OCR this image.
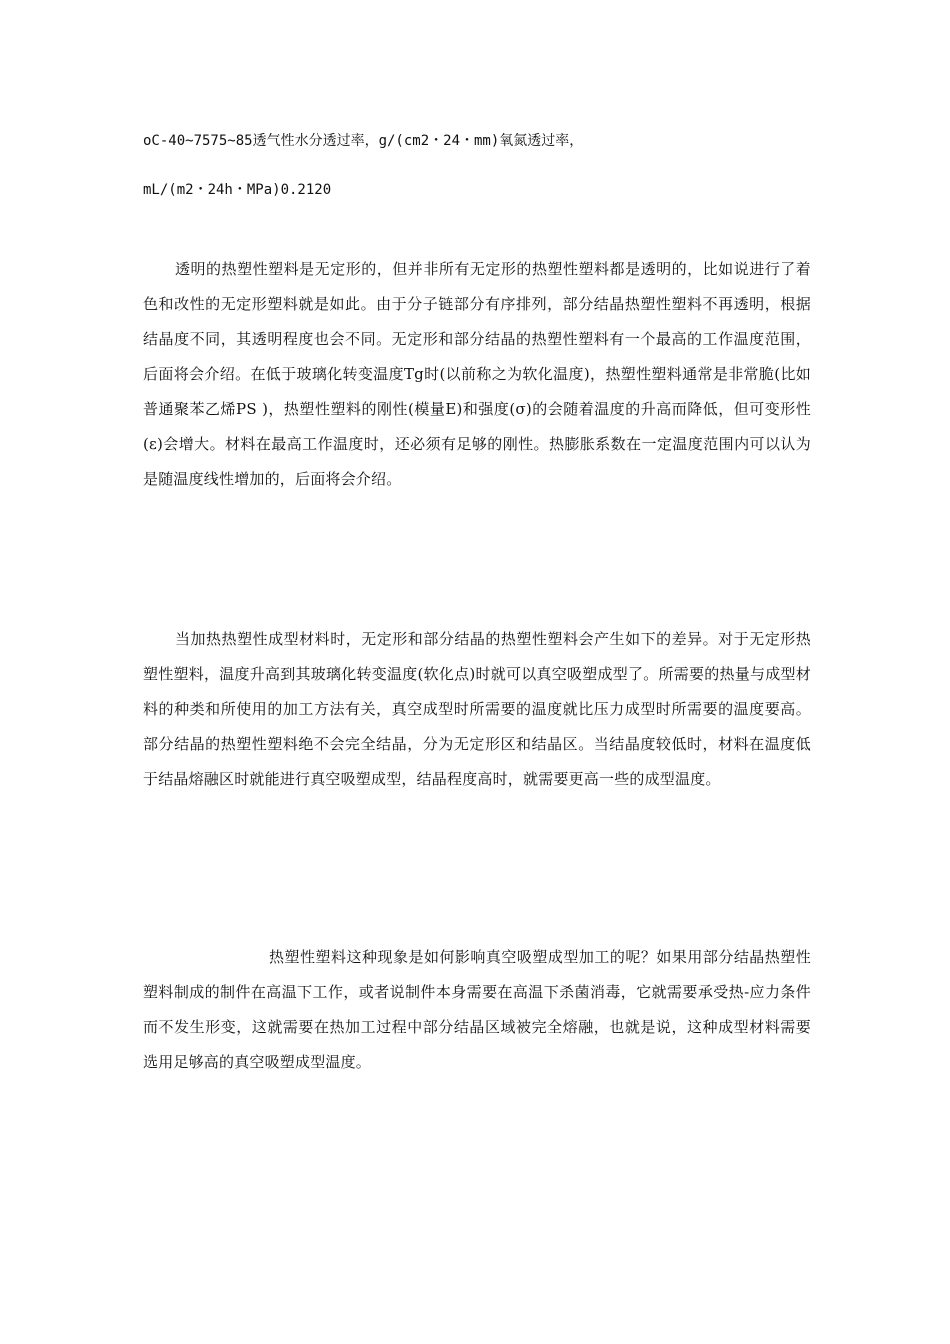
oC-40~7575~85透气性水分透过率，g/(cm2・24・mm)氧氮透过率，

mL/(m2・24h・MPa)0.2120

透明的热塑性塑料是无定形的，但并非所有无定形的热塑性塑料都是透明的，比如说进行了着色和改性的无定形塑料就是如此。由于分子链部分有序排列，部分结晶热塑性塑料不再透明，根据结晶度不同，其透明程度也会不同。无定形和部分结晶的热塑性塑料有一个最高的工作温度范围，后面将会介绍。在低于玻璃化转变温度Tg时(以前称之为软化温度)，热塑性塑料通常是非常脆(比如普通聚苯乙烯PS )，热塑性塑料的刚性(模量E)和强度(σ)的会随着温度的升高而降低，但可变形性(ε)会增大。材料在最高工作温度时，还必须有足够的刚性。热膨胀系数在一定温度范围内可以认为是随温度线性增加的，后面将会介绍。

当加热热塑性成型材料时，无定形和部分结晶的热塑性塑料会产生如下的差异。对于无定形热塑性塑料，温度升高到其玻璃化转变温度(软化点)时就可以真空吸塑成型了。所需要的热量与成型材料的种类和所使用的加工方法有关，真空成型时所需要的温度就比压力成型时所需要的温度要高。部分结晶的热塑性塑料绝不会完全结晶，分为无定形区和结晶区。当结晶度较低时，材料在温度低于结晶熔融区时就能进行真空吸塑成型，结晶程度高时，就需要更高一些的成型温度。

热塑性塑料这种现象是如何影响真空吸塑成型加工的呢？如果用部分结晶热塑性塑料制成的制件在高温下工作，或者说制件本身需要在高温下杀菌消毒，它就需要承受热-应力条件而不发生形变，这就需要在热加工过程中部分结晶区域被完全熔融，也就是说，这种成型材料需要选用足够高的真空吸塑成型温度。
